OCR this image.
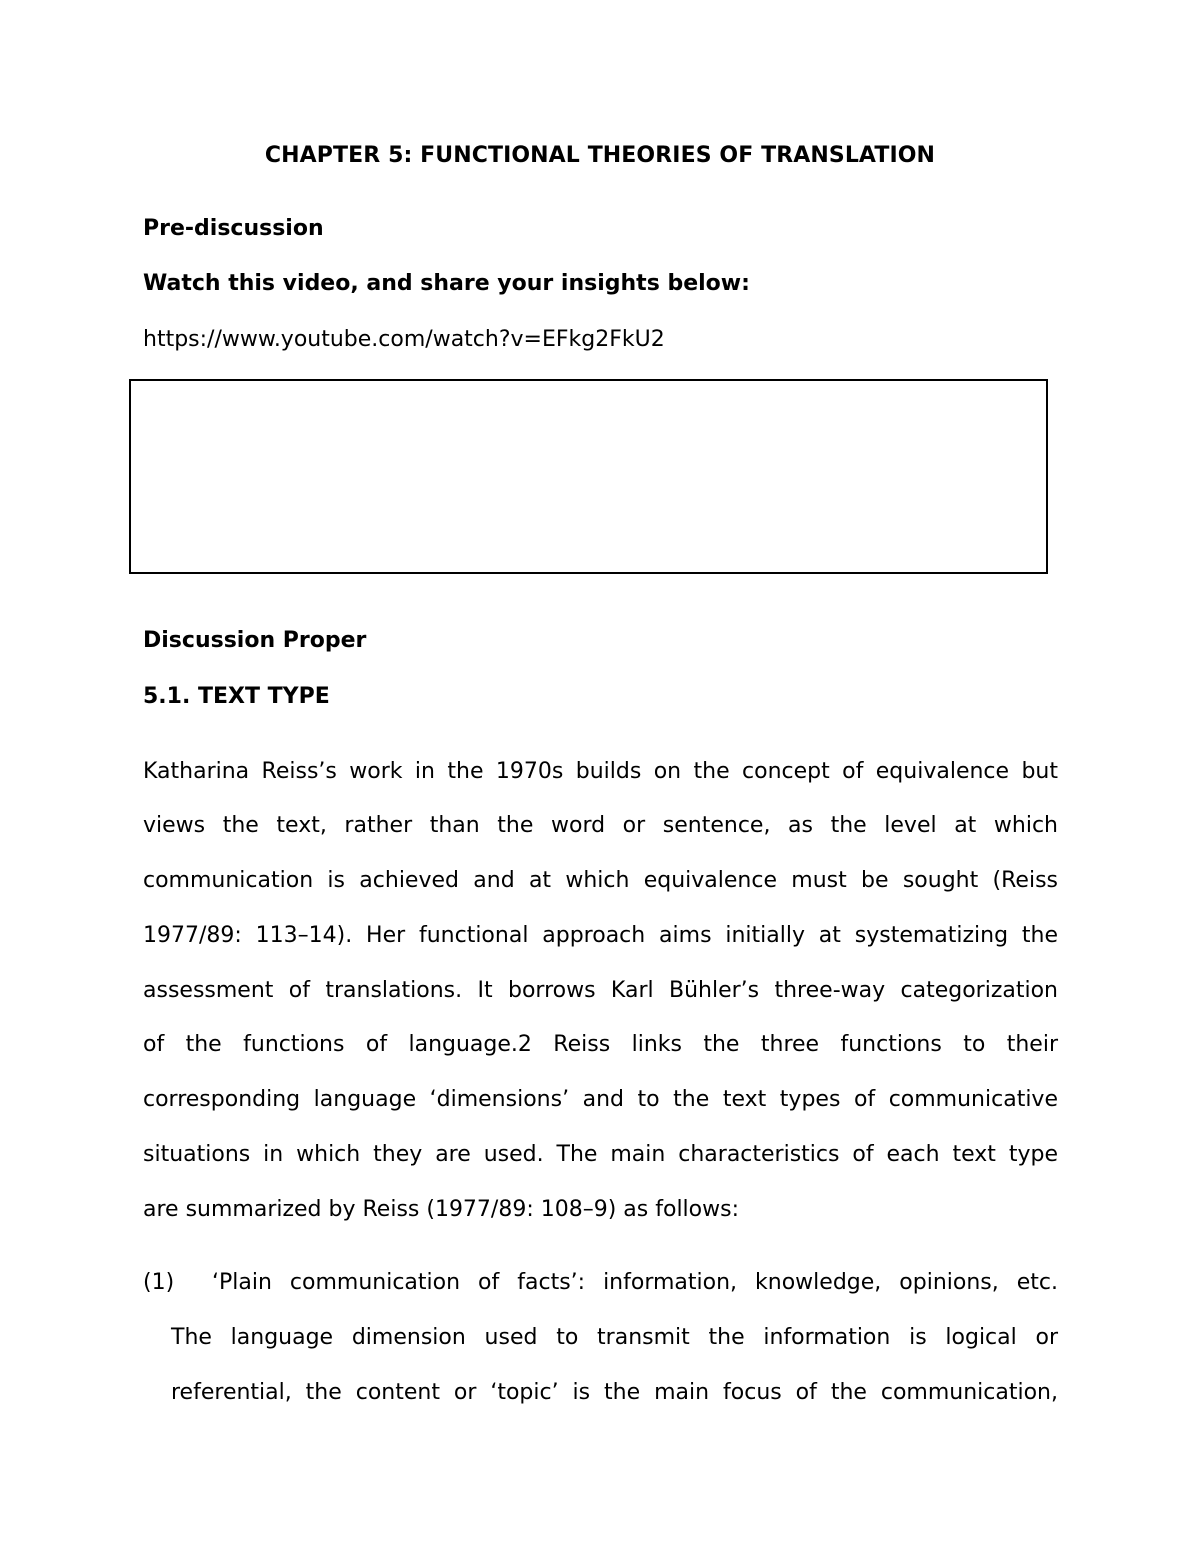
CHAPTER 5: FUNCTIONAL THEORIES OF TRANSLATION
Pre-discussion
Watch this video, and share your insights below:
https://www.youtube.com/watch?v=EFkg2FkU2
Discussion Proper
5.1. TEXT TYPE
Katharina Reiss’s work in the 1970s builds on the concept of equivalence but
views the text, rather than the word or sentence, as the level at which
communication is achieved and at which equivalence must be sought (Reiss
1977/89: 113–14). Her functional approach aims initially at systematizing the
assessment of translations. It borrows Karl Bühler’s three-way categorization
of the functions of language.2 Reiss links the three functions to their
corresponding language ‘dimensions’ and to the text types of communicative
situations in which they are used. The main characteristics of each text type
are summarized by Reiss (1977/89: 108–9) as follows:
(1) ‘Plain communication of facts’: information, knowledge, opinions, etc.
The language dimension used to transmit the information is logical or
referential, the content or ‘topic’ is the main focus of the communication,
